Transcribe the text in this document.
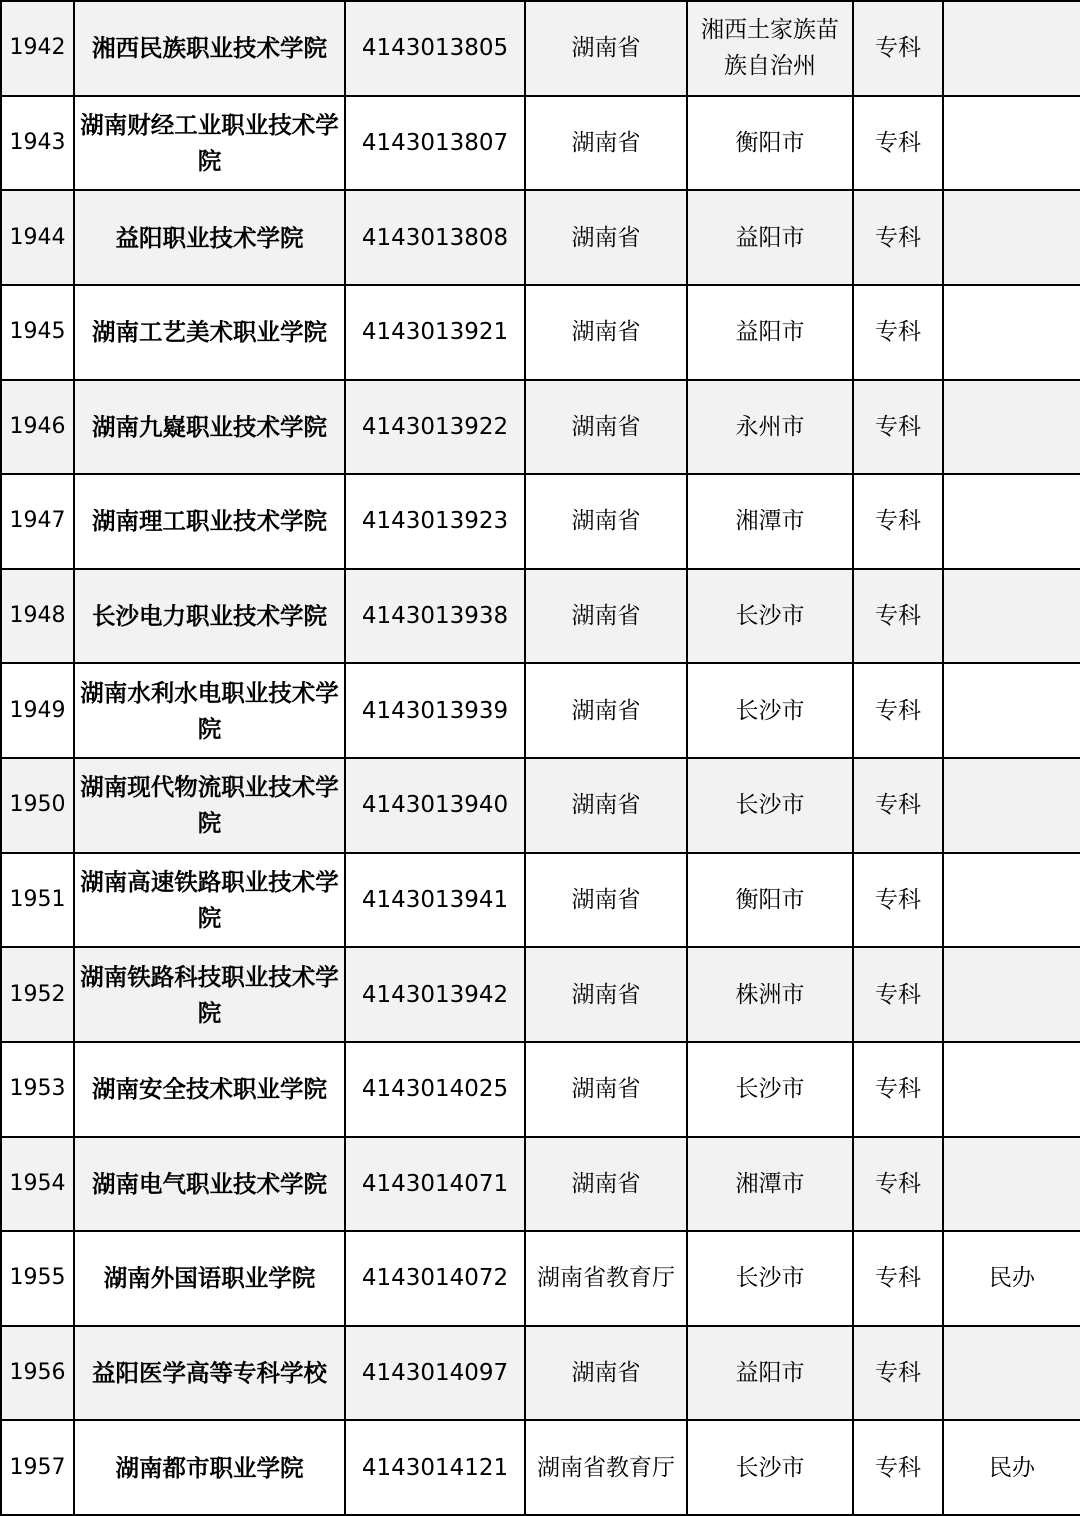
1942	湘西民族职业技术学院	4143013805	湖南省	湘西土家族苗族自治州	专科	
1943	湖南财经工业职业技术学院	4143013807	湖南省	衡阳市	专科	
1944	益阳职业技术学院	4143013808	湖南省	益阳市	专科	
1945	湖南工艺美术职业学院	4143013921	湖南省	益阳市	专科	
1946	湖南九嶷职业技术学院	4143013922	湖南省	永州市	专科	
1947	湖南理工职业技术学院	4143013923	湖南省	湘潭市	专科	
1948	长沙电力职业技术学院	4143013938	湖南省	长沙市	专科	
1949	湖南水利水电职业技术学院	4143013939	湖南省	长沙市	专科	
1950	湖南现代物流职业技术学院	4143013940	湖南省	长沙市	专科	
1951	湖南高速铁路职业技术学院	4143013941	湖南省	衡阳市	专科	
1952	湖南铁路科技职业技术学院	4143013942	湖南省	株洲市	专科	
1953	湖南安全技术职业学院	4143014025	湖南省	长沙市	专科	
1954	湖南电气职业技术学院	4143014071	湖南省	湘潭市	专科	
1955	湖南外国语职业学院	4143014072	湖南省教育厅	长沙市	专科	民办
1956	益阳医学高等专科学校	4143014097	湖南省	益阳市	专科	
1957	湖南都市职业学院	4143014121	湖南省教育厅	长沙市	专科	民办
